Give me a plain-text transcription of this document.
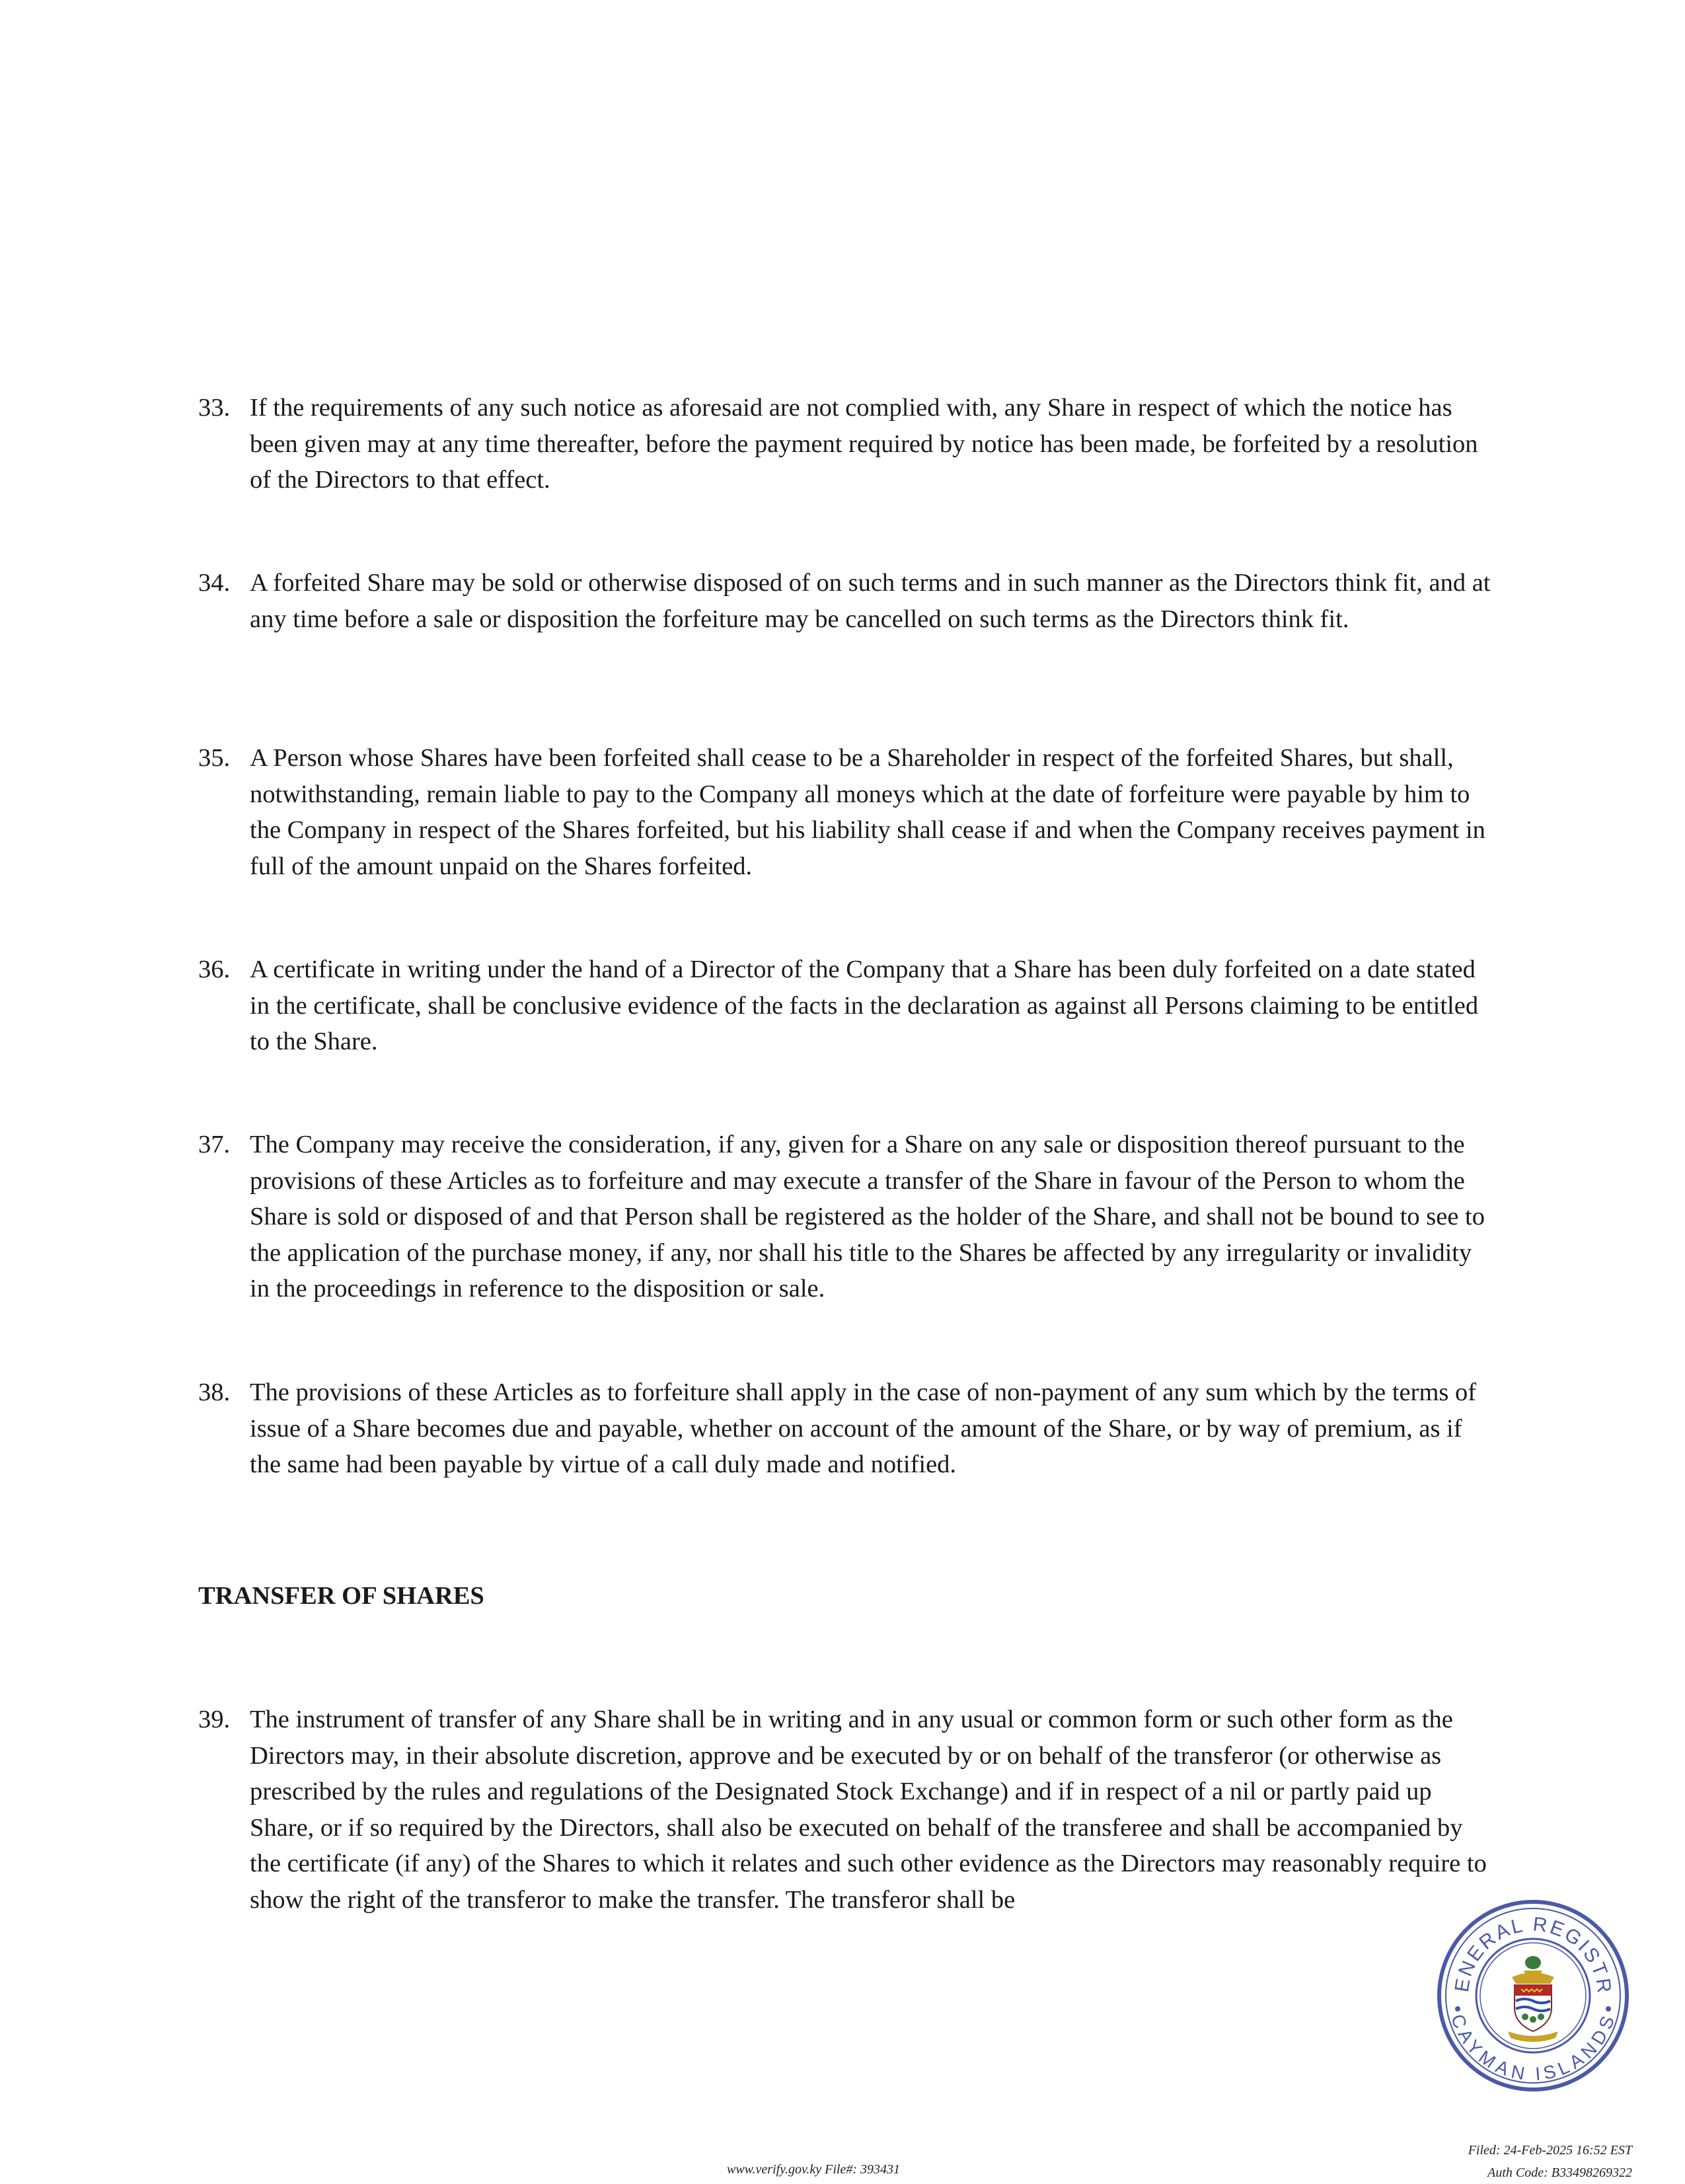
33. If the requirements of any such notice as aforesaid are not complied with, any Share in respect of which the notice has been given may at any time thereafter, before the payment required by notice has been made, be forfeited by a resolution of the Directors to that effect.
34. A forfeited Share may be sold or otherwise disposed of on such terms and in such manner as the Directors think fit, and at any time before a sale or disposition the forfeiture may be cancelled on such terms as the Directors think fit.
35. A Person whose Shares have been forfeited shall cease to be a Shareholder in respect of the forfeited Shares, but shall, notwithstanding, remain liable to pay to the Company all moneys which at the date of forfeiture were payable by him to the Company in respect of the Shares forfeited, but his liability shall cease if and when the Company receives payment in full of the amount unpaid on the Shares forfeited.
36. A certificate in writing under the hand of a Director of the Company that a Share has been duly forfeited on a date stated in the certificate, shall be conclusive evidence of the facts in the declaration as against all Persons claiming to be entitled to the Share.
37. The Company may receive the consideration, if any, given for a Share on any sale or disposition thereof pursuant to the provisions of these Articles as to forfeiture and may execute a transfer of the Share in favour of the Person to whom the Share is sold or disposed of and that Person shall be registered as the holder of the Share, and shall not be bound to see to the application of the purchase money, if any, nor shall his title to the Shares be affected by any irregularity or invalidity in the proceedings in reference to the disposition or sale.
38. The provisions of these Articles as to forfeiture shall apply in the case of non-payment of any sum which by the terms of issue of a Share becomes due and payable, whether on account of the amount of the Share, or by way of premium, as if the same had been payable by virtue of a call duly made and notified.
TRANSFER OF SHARES
39. The instrument of transfer of any Share shall be in writing and in any usual or common form or such other form as the Directors may, in their absolute discretion, approve and be executed by or on behalf of the transferor (or otherwise as prescribed by the rules and regulations of the Designated Stock Exchange) and if in respect of a nil or partly paid up Share, or if so required by the Directors, shall also be executed on behalf of the transferee and shall be accompanied by the certificate (if any) of the Shares to which it relates and such other evidence as the Directors may reasonably require to show the right of the transferor to make the transfer. The transferor shall be
ENERAL REGISTR
CAYMAN ISLANDS
www.verify.gov.ky File#: 393431
Filed: 24-Feb-2025 16:52 EST
Auth Code: B33498269322
